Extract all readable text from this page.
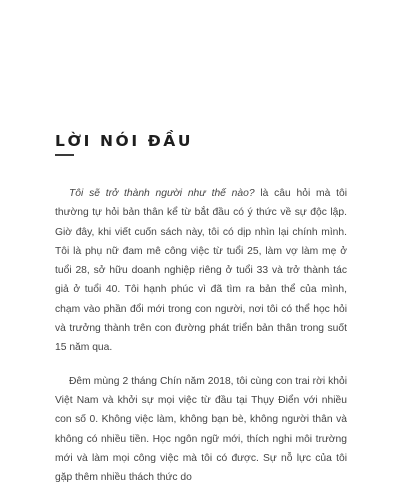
LỜI NÓI ĐẦU

Tôi sẽ trở thành người như thế nào? là câu hỏi mà tôi thường tự hỏi bản thân kể từ bắt đầu có ý thức về sự độc lập. Giờ đây, khi viết cuốn sách này, tôi có dịp nhìn lại chính mình. Tôi là phụ nữ đam mê công việc từ tuổi 25, làm vợ làm mẹ ở tuổi 28, sở hữu doanh nghiệp riêng ở tuổi 33 và trở thành tác giả ở tuổi 40. Tôi hạnh phúc vì đã tìm ra bản thể của mình, chạm vào phần đổi mới trong con người, nơi tôi có thể học hỏi và trưởng thành trên con đường phát triển bản thân trong suốt 15 năm qua.

Đêm mùng 2 tháng Chín năm 2018, tôi cùng con trai rời khỏi Việt Nam và khởi sự mọi việc từ đầu tại Thụy Điển với nhiều con số 0. Không việc làm, không bạn bè, không người thân và không có nhiều tiền. Học ngôn ngữ mới, thích nghi môi trường mới và làm mọi công việc mà tôi có được. Sự nỗ lực của tôi gặp thêm nhiều thách thức do
